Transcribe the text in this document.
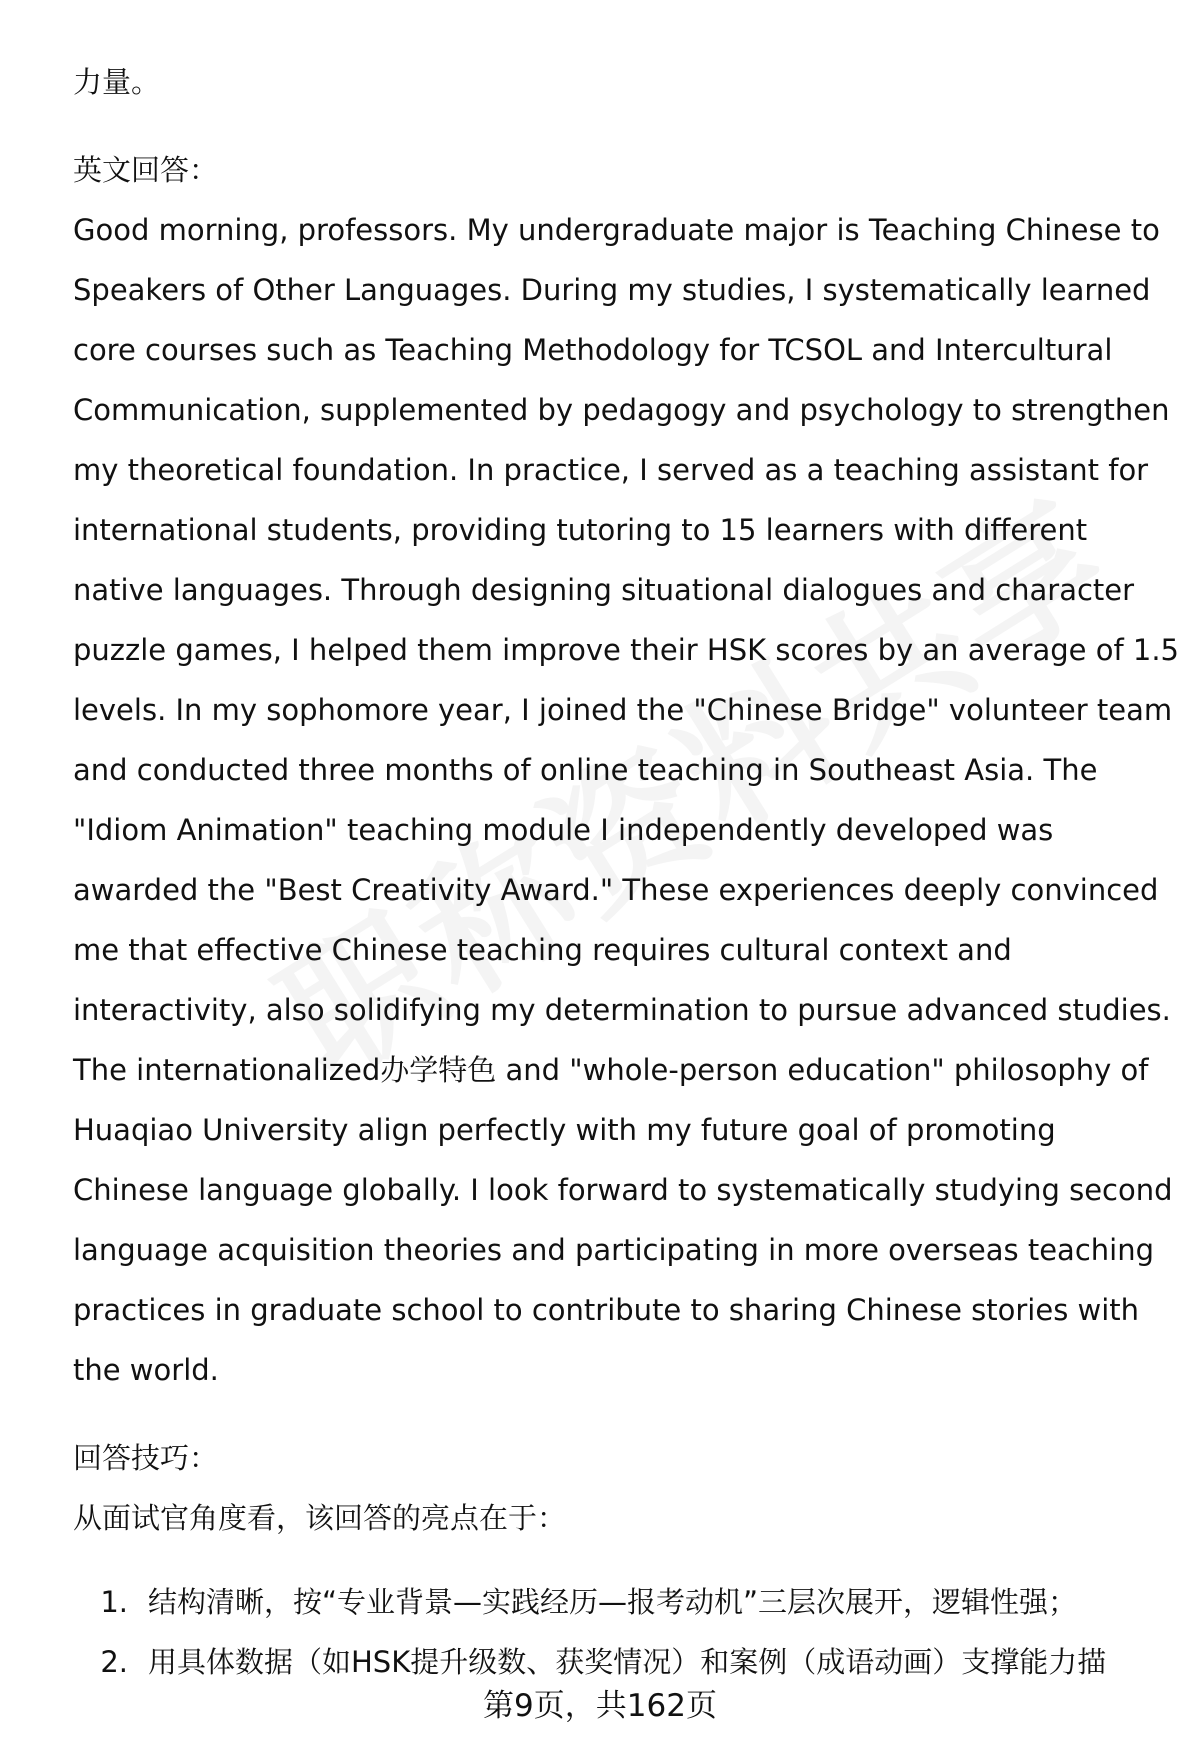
力量。

英文回答：

Good morning, professors. My undergraduate major is Teaching Chinese to

Speakers of Other Languages. During my studies, I systematically learned

core courses such as Teaching Methodology for TCSOL and Intercultural

Communication, supplemented by pedagogy and psychology to strengthen

my theoretical foundation. In practice, I served as a teaching assistant for

international students, providing tutoring to 15 learners with different

native languages. Through designing situational dialogues and character

puzzle games, I helped them improve their HSK scores by an average of 1.5

levels. In my sophomore year, I joined the "Chinese Bridge" volunteer team

and conducted three months of online teaching in Southeast Asia. The

"Idiom Animation" teaching module I independently developed was

awarded the "Best Creativity Award." These experiences deeply convinced

me that effective Chinese teaching requires cultural context and

interactivity, also solidifying my determination to pursue advanced studies.

The internationalized办学特色 and "whole-person education" philosophy of

Huaqiao University align perfectly with my future goal of promoting

Chinese language globally. I look forward to systematically studying second

language acquisition theories and participating in more overseas teaching

practices in graduate school to contribute to sharing Chinese stories with

the world.

回答技巧：

从面试官角度看，该回答的亮点在于：

1. 结构清晰，按“专业背景—实践经历—报考动机”三层次展开，逻辑性强；
2. 用具体数据（如HSK提升级数、获奖情况）和案例（成语动画）支撑能力描
第9页，共162页
